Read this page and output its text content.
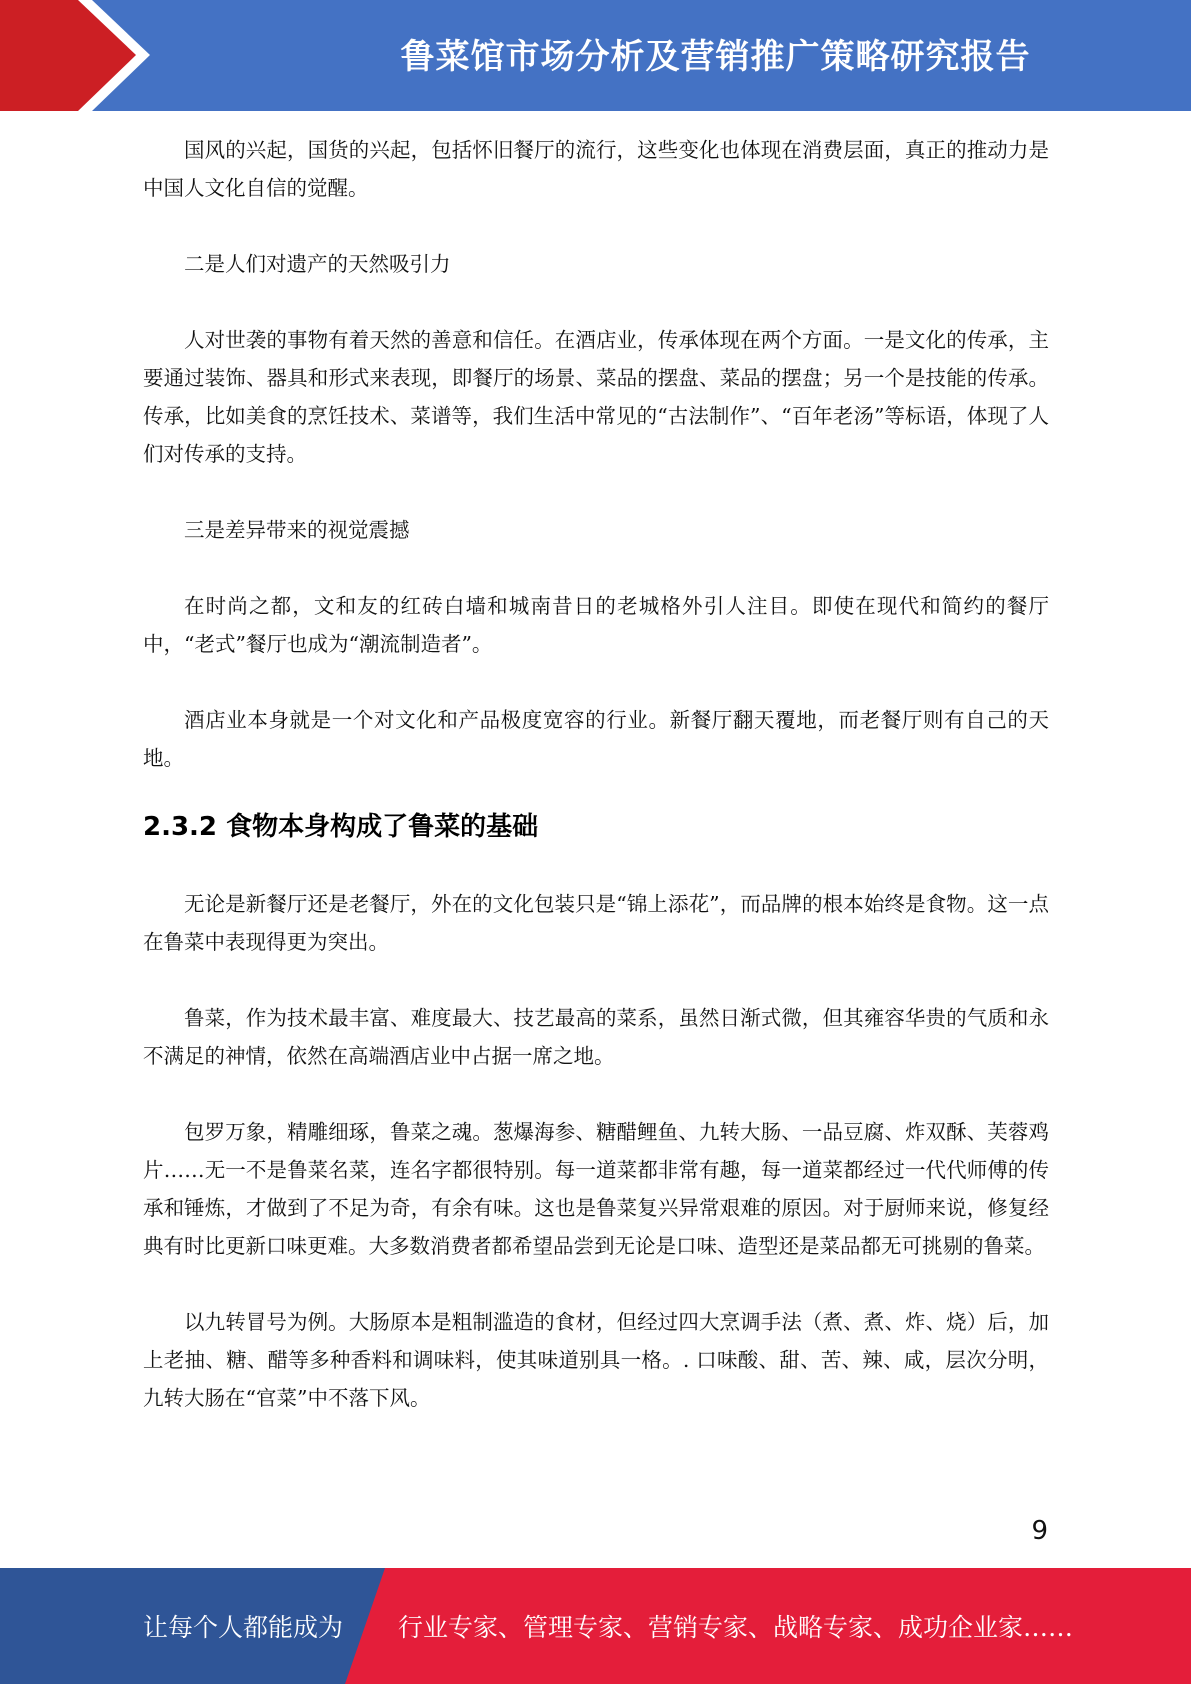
鲁菜馆市场分析及营销推广策略研究报告

国风的兴起，国货的兴起，包括怀旧餐厅的流行，这些变化也体现在消费层面，真正的推动力是中国人文化自信的觉醒。

二是人们对遗产的天然吸引力

人对世袭的事物有着天然的善意和信任。在酒店业，传承体现在两个方面。一是文化的传承，主要通过装饰、器具和形式来表现，即餐厅的场景、菜品的摆盘、菜品的摆盘；另一个是技能的传承。传承，比如美食的烹饪技术、菜谱等，我们生活中常见的“古法制作”、“百年老汤”等标语，体现了人们对传承的支持。

三是差异带来的视觉震撼

在时尚之都，文和友的红砖白墙和城南昔日的老城格外引人注目。即使在现代和简约的餐厅中，“老式”餐厅也成为“潮流制造者”。

酒店业本身就是一个对文化和产品极度宽容的行业。新餐厅翻天覆地，而老餐厅则有自己的天地。

2.3.2 食物本身构成了鲁菜的基础

无论是新餐厅还是老餐厅，外在的文化包装只是“锦上添花”，而品牌的根本始终是食物。这一点在鲁菜中表现得更为突出。

鲁菜，作为技术最丰富、难度最大、技艺最高的菜系，虽然日渐式微，但其雍容华贵的气质和永不满足的神情，依然在高端酒店业中占据一席之地。

包罗万象，精雕细琢，鲁菜之魂。葱爆海参、糖醋鲤鱼、九转大肠、一品豆腐、炸双酥、芙蓉鸡片……无一不是鲁菜名菜，连名字都很特别。每一道菜都非常有趣，每一道菜都经过一代代师傅的传承和锤炼，才做到了不足为奇，有余有味。这也是鲁菜复兴异常艰难的原因。对于厨师来说，修复经典有时比更新口味更难。大多数消费者都希望品尝到无论是口味、造型还是菜品都无可挑剔的鲁菜。

以九转冒号为例。大肠原本是粗制滥造的食材，但经过四大烹调手法（煮、煮、炸、烧）后，加上老抽、糖、醋等多种香料和调味料，使其味道别具一格。. 口味酸、甜、苦、辣、咸，层次分明，九转大肠在“官菜”中不落下风。

9
让每个人都能成为 行业专家、管理专家、营销专家、战略专家、成功企业家……
